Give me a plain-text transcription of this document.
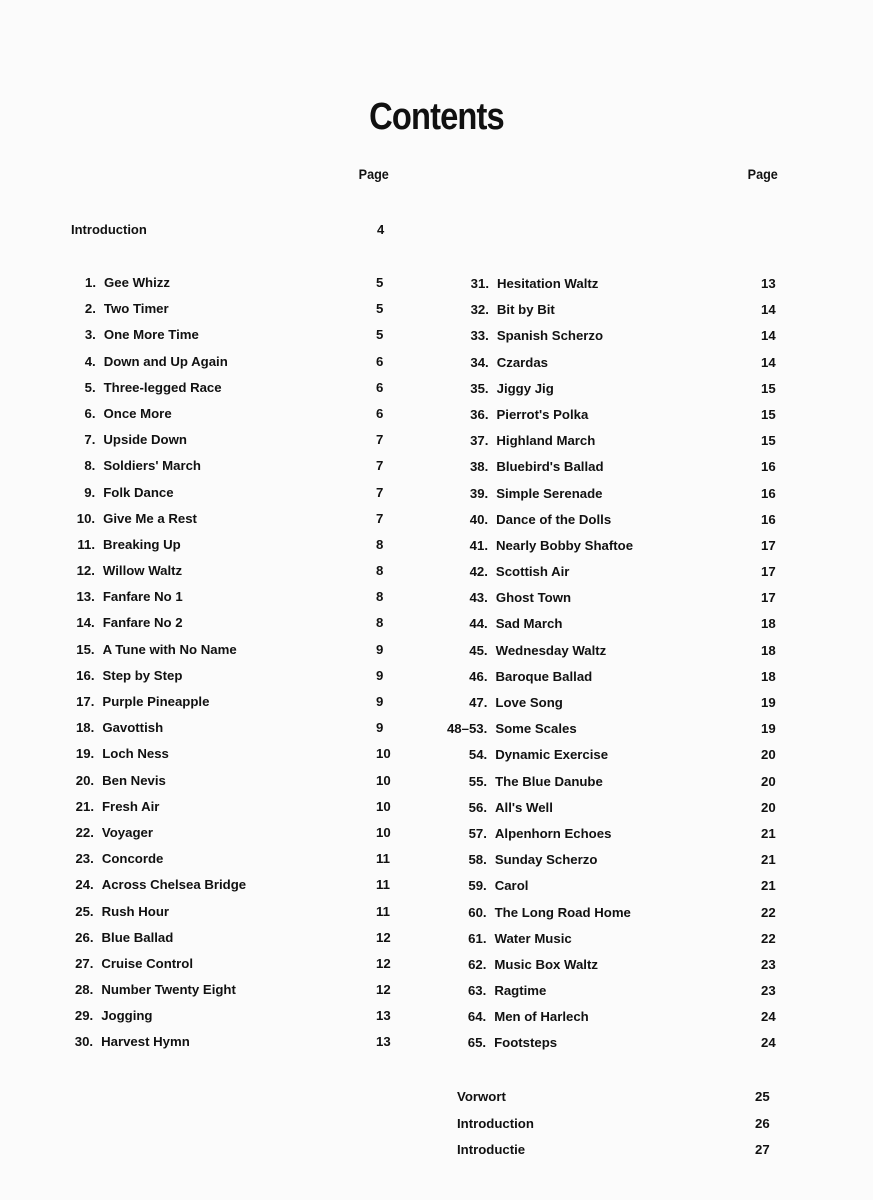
Contents
Page	Page
Introduction	4
1. Gee Whizz	5
2. Two Timer	5
3. One More Time	5
4. Down and Up Again	6
5. Three-legged Race	6
6. Once More	6
7. Upside Down	7
8. Soldiers' March	7
9. Folk Dance	7
10. Give Me a Rest	7
11. Breaking Up	8
12. Willow Waltz	8
13. Fanfare No 1	8
14. Fanfare No 2	8
15. A Tune with No Name	9
16. Step by Step	9
17. Purple Pineapple	9
18. Gavottish	9
19. Loch Ness	10
20. Ben Nevis	10
21. Fresh Air	10
22. Voyager	10
23. Concorde	11
24. Across Chelsea Bridge	11
25. Rush Hour	11
26. Blue Ballad	12
27. Cruise Control	12
28. Number Twenty Eight	12
29. Jogging	13
30. Harvest Hymn	13
31. Hesitation Waltz	13
32. Bit by Bit	14
33. Spanish Scherzo	14
34. Czardas	14
35. Jiggy Jig	15
36. Pierrot's Polka	15
37. Highland March	15
38. Bluebird's Ballad	16
39. Simple Serenade	16
40. Dance of the Dolls	16
41. Nearly Bobby Shaftoe	17
42. Scottish Air	17
43. Ghost Town	17
44. Sad March	18
45. Wednesday Waltz	18
46. Baroque Ballad	18
47. Love Song	19
48–53. Some Scales	19
54. Dynamic Exercise	20
55. The Blue Danube	20
56. All's Well	20
57. Alpenhorn Echoes	21
58. Sunday Scherzo	21
59. Carol	21
60. The Long Road Home	22
61. Water Music	22
62. Music Box Waltz	23
63. Ragtime	23
64. Men of Harlech	24
65. Footsteps	24
Vorwort	25
Introduction	26
Introductie	27
